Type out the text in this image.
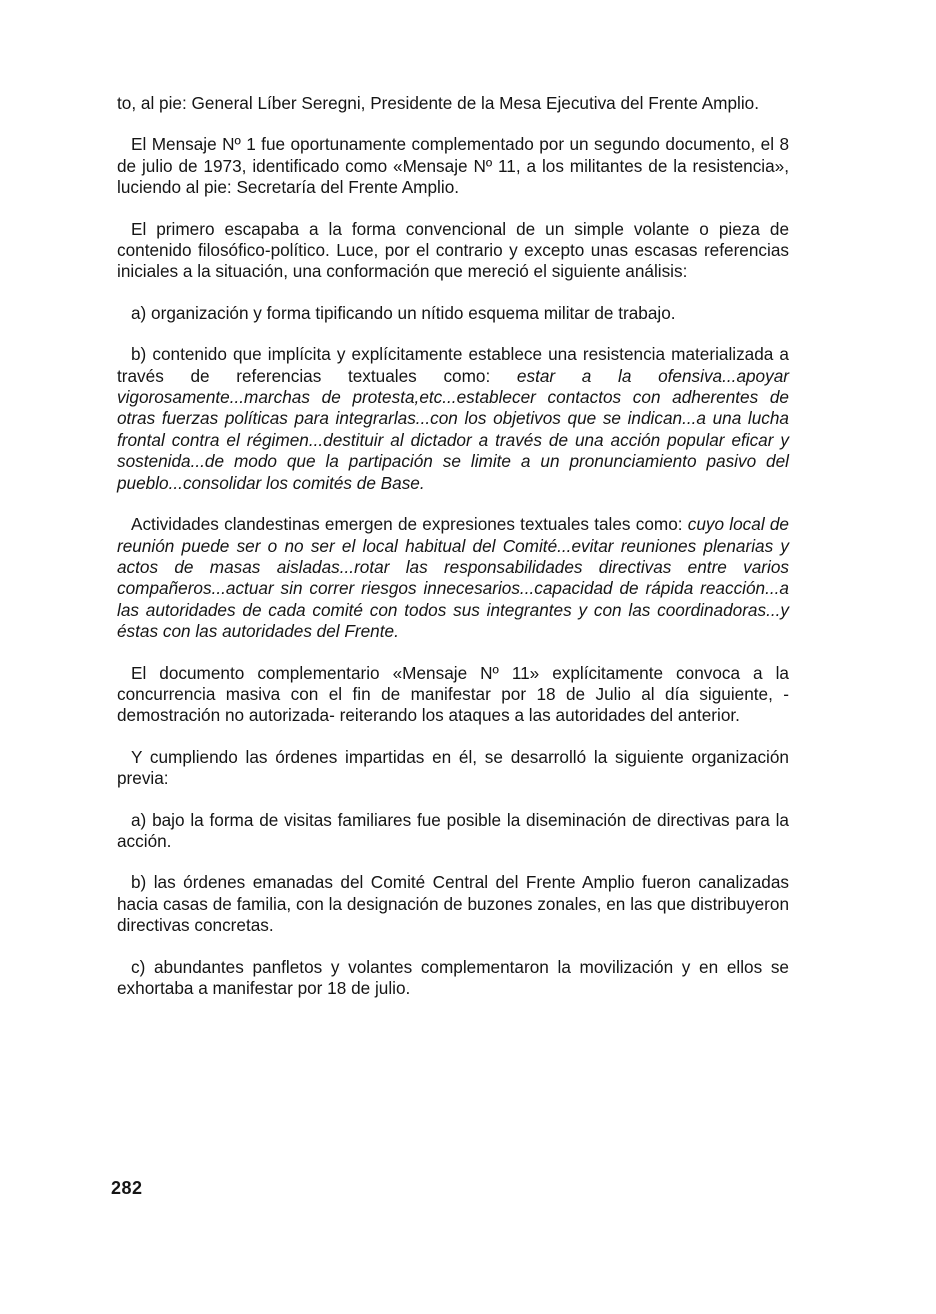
to, al pie: General Líber Seregni, Presidente de la Mesa Ejecutiva del Frente Amplio.

El Mensaje Nº 1 fue oportunamente complementado por un segundo documento, el 8 de julio de 1973, identificado como «Mensaje Nº 11, a los militantes de la resistencia», luciendo al pie: Secretaría del Frente Amplio.

El primero escapaba a la forma convencional de un simple volante o pieza de contenido filosófico-político. Luce, por el contrario y excepto unas escasas referencias iniciales a la situación, una conformación que mereció el siguiente análisis:

a) organización y forma tipificando un nítido esquema militar de trabajo.

b) contenido que implícita y explícitamente establece una resistencia materializada a través de referencias textuales como: estar a la ofensiva...apoyar vigorosamente...marchas de protesta,etc...establecer contactos con adherentes de otras fuerzas políticas para integrarlas...con los objetivos que se indican...a una lucha frontal contra el régimen...destituir al dictador a través de una acción popular eficar y sostenida...de modo que la partipación se limite a un pronunciamiento pasivo del pueblo...consolidar los comités de Base.

Actividades clandestinas emergen de expresiones textuales tales como: cuyo local de reunión puede ser o no ser el local habitual del Comité...evitar reuniones plenarias y actos de masas aisladas...rotar las responsabilidades directivas entre varios compañeros...actuar sin correr riesgos innecesarios...capacidad de rápida reacción...a las autoridades de cada comité con todos sus integrantes y con las coordinadoras...y éstas con las autoridades del Frente.

El documento complementario «Mensaje Nº 11» explícitamente convoca a la concurrencia masiva con el fin de manifestar por 18 de Julio al día siguiente, -demostración no autorizada- reiterando los ataques a las autoridades del anterior.

Y cumpliendo las órdenes impartidas en él, se desarrolló la siguiente organización previa:

a) bajo la forma de visitas familiares fue posible la diseminación de directivas para la acción.

b) las órdenes emanadas del Comité Central del Frente Amplio fueron canalizadas hacia casas de familia, con la designación de buzones zonales, en las que distribuyeron directivas concretas.

c) abundantes panfletos y volantes complementaron la movilización y en ellos se exhortaba a manifestar por 18 de julio.

282
